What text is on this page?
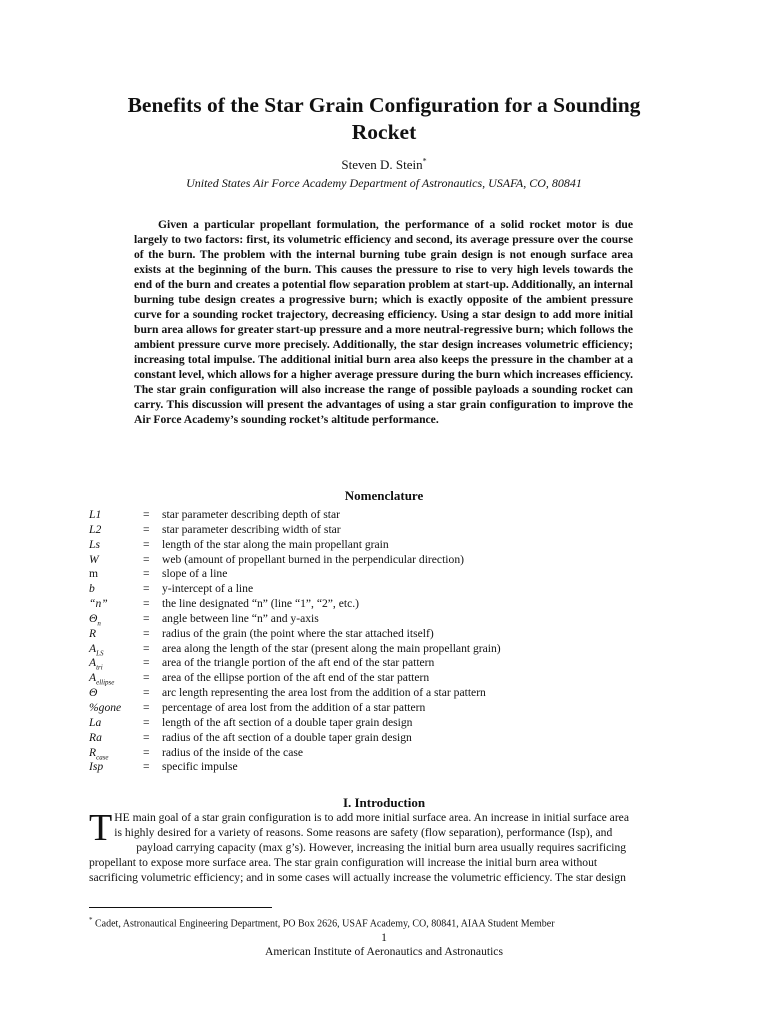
Benefits of the Star Grain Configuration for a Sounding Rocket
Steven D. Stein*
United States Air Force Academy Department of Astronautics, USAFA, CO, 80841

Given a particular propellant formulation, the performance of a solid rocket motor is due largely to two factors: first, its volumetric efficiency and second, its average pressure over the course of the burn. The problem with the internal burning tube grain design is not enough surface area exists at the beginning of the burn. This causes the pressure to rise to very high levels towards the end of the burn and creates a potential flow separation problem at start-up. Additionally, an internal burning tube design creates a progressive burn; which is exactly opposite of the ambient pressure curve for a sounding rocket trajectory, decreasing efficiency. Using a star design to add more initial burn area allows for greater start-up pressure and a more neutral-regressive burn; which follows the ambient pressure curve more precisely. Additionally, the star design increases volumetric efficiency; increasing total impulse. The additional initial burn area also keeps the pressure in the chamber at a constant level, which allows for a higher average pressure during the burn which increases efficiency. The star grain configuration will also increase the range of possible payloads a sounding rocket can carry. This discussion will present the advantages of using a star grain configuration to improve the Air Force Academy’s sounding rocket’s altitude performance.

Nomenclature
L1	=	star parameter describing depth of star
L2	=	star parameter describing width of star
Ls	=	length of the star along the main propellant grain
W	=	web (amount of propellant burned in the perpendicular direction)
m	=	slope of a line
b	=	y-intercept of a line
“n”	=	the line designated “n” (line “1”, “2”, etc.)
$\Theta_n$	=	angle between line “n” and y-axis
R	=	radius of the grain (the point where the star attached itself)
$A_{LS}$	=	area along the length of the star (present along the main propellant grain)
$A_{tri}$	=	area of the triangle portion of the aft end of the star pattern
$A_{ellipse}$	=	area of the ellipse portion of the aft end of the star pattern
Θ	=	arc length representing the area lost from the addition of a star pattern
%gone	=	percentage of area lost from the addition of a star pattern
La	=	length of the aft section of a double taper grain design
Ra	=	radius of the aft section of a double taper grain design
$R_{case}$	=	radius of the inside of the case
Isp	=	specific impulse
I. Introduction
T HE main goal of a star grain configuration is to add more initial surface area. An increase in initial surface area
is highly desired for a variety of reasons. Some reasons are safety (flow separation), performance (Isp), and
payload carrying capacity (max g’s). However, increasing the initial burn area usually requires sacrificing
propellant to expose more surface area. The star grain configuration will increase the initial burn area without
sacrificing volumetric efficiency; and in some cases will actually increase the volumetric efficiency. The star design
* Cadet, Astronautical Engineering Department, PO Box 2626, USAF Academy, CO, 80841, AIAA Student Member
1
American Institute of Aeronautics and Astronautics
